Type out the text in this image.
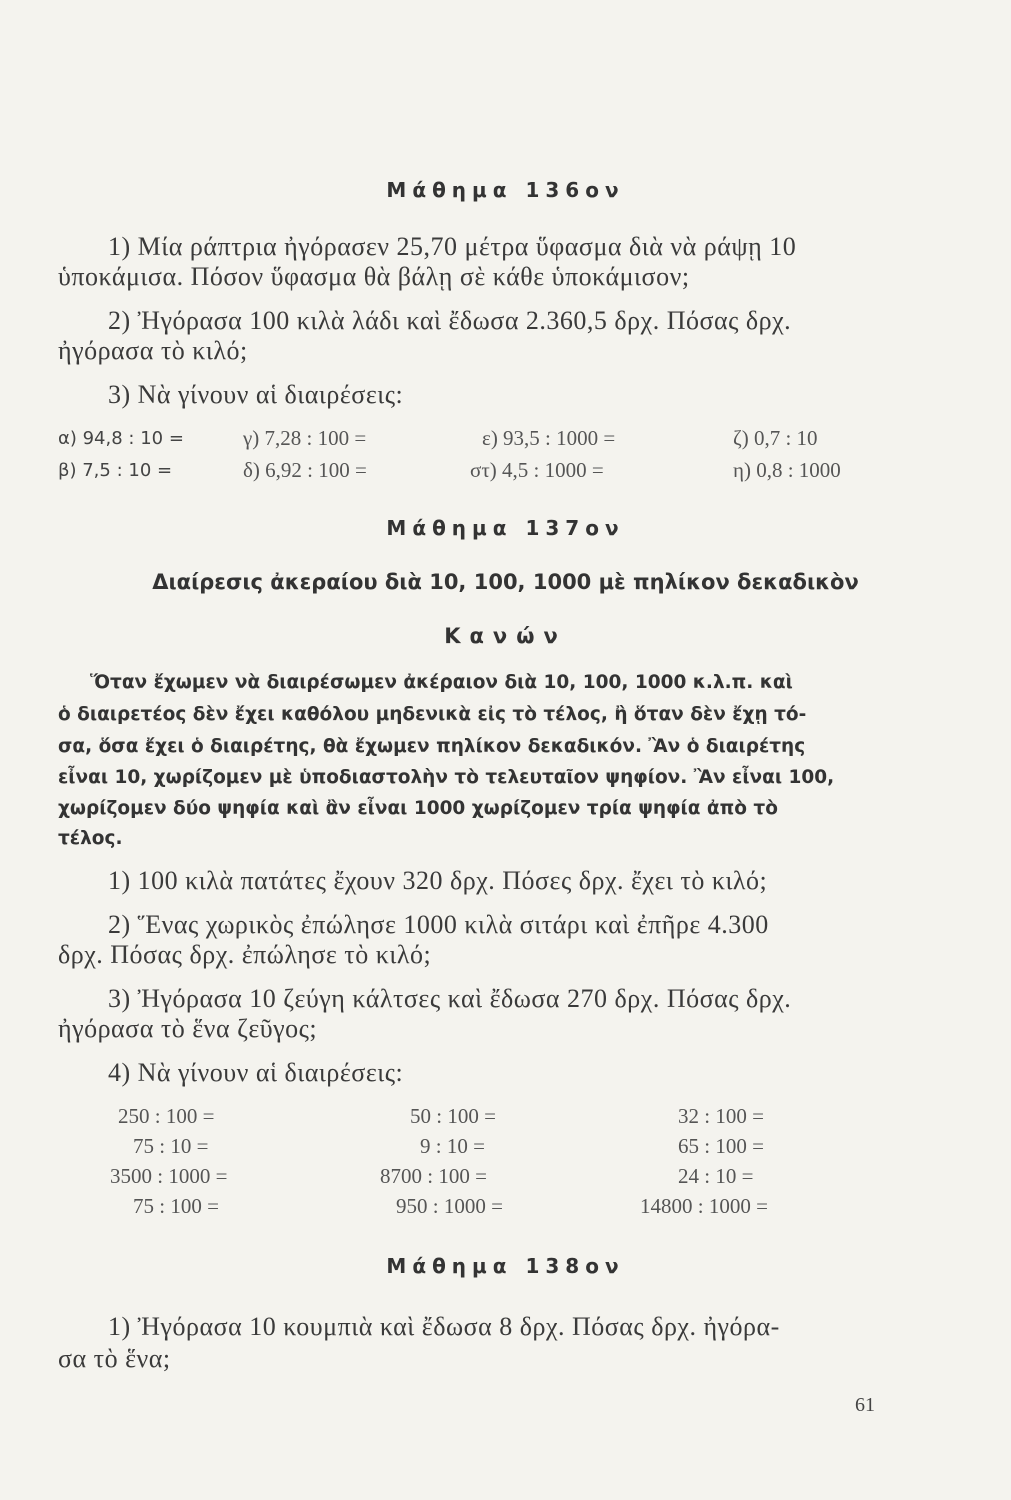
Μάθημα 136ον
1) Μία ράπτρια ἠγόρασεν 25,70 μέτρα ὕφασμα διὰ νὰ ράψῃ 10
ὑποκάμισα. Πόσον ὕφασμα θὰ βάλῃ σὲ κάθε ὑποκάμισον;
2) Ἠγόρασα 100 κιλὰ λάδι καὶ ἔδωσα 2.360,5 δρχ. Πόσας δρχ.
ἠγόρασα τὸ κιλό;
3) Νὰ γίνουν αἱ διαιρέσεις:
α) 94,8 : 10 =	γ) 7,28 : 100 =	ε) 93,5 : 1000 =	ζ) 0,7 : 10
β) 7,5 : 10 =	δ) 6,92 : 100 =	στ) 4,5 : 1000 =	η) 0,8 : 1000
Μάθημα 137ον
Διαίρεσις ἀκεραίου διὰ 10, 100, 1000 μὲ πηλίκον δεκαδικὸν
Κανών
Ὅταν ἔχωμεν νὰ διαιρέσωμεν ἀκέραιον διὰ 10, 100, 1000 κ.λ.π. καὶ
ὁ διαιρετέος δὲν ἔχει καθόλου μηδενικὰ εἰς τὸ τέλος, ἢ ὅταν δὲν ἔχῃ τό-
σα, ὅσα ἔχει ὁ διαιρέτης, θὰ ἔχωμεν πηλίκον δεκαδικόν. Ἂν ὁ διαιρέτης
εἶναι 10, χωρίζομεν μὲ ὑποδιαστολὴν τὸ τελευταῖον ψηφίον. Ἂν εἶναι 100,
χωρίζομεν δύο ψηφία καὶ ἂν εἶναι 1000 χωρίζομεν τρία ψηφία ἀπὸ τὸ
τέλος.
1) 100 κιλὰ πατάτες ἔχουν 320 δρχ. Πόσες δρχ. ἔχει τὸ κιλό;
2) Ἕνας χωρικὸς ἐπώλησε 1000 κιλὰ σιτάρι καὶ ἐπῆρε 4.300
δρχ. Πόσας δρχ. ἐπώλησε τὸ κιλό;
3) Ἠγόρασα 10 ζεύγη κάλτσες καὶ ἔδωσα 270 δρχ. Πόσας δρχ.
ἠγόρασα τὸ ἕνα ζεῦγος;
4) Νὰ γίνουν αἱ διαιρέσεις:
250 : 100 =	50 : 100 =	32 : 100 =
75 : 10 =	9 : 10 =	65 : 100 =
3500 : 1000 =	8700 : 100 =	24 : 10 =
75 : 100 =	950 : 1000 =	14800 : 1000 =
Μάθημα 138ον
1) Ἠγόρασα 10 κουμπιὰ καὶ ἔδωσα 8 δρχ. Πόσας δρχ. ἠγόρα-
σα τὸ ἕνα;
61
